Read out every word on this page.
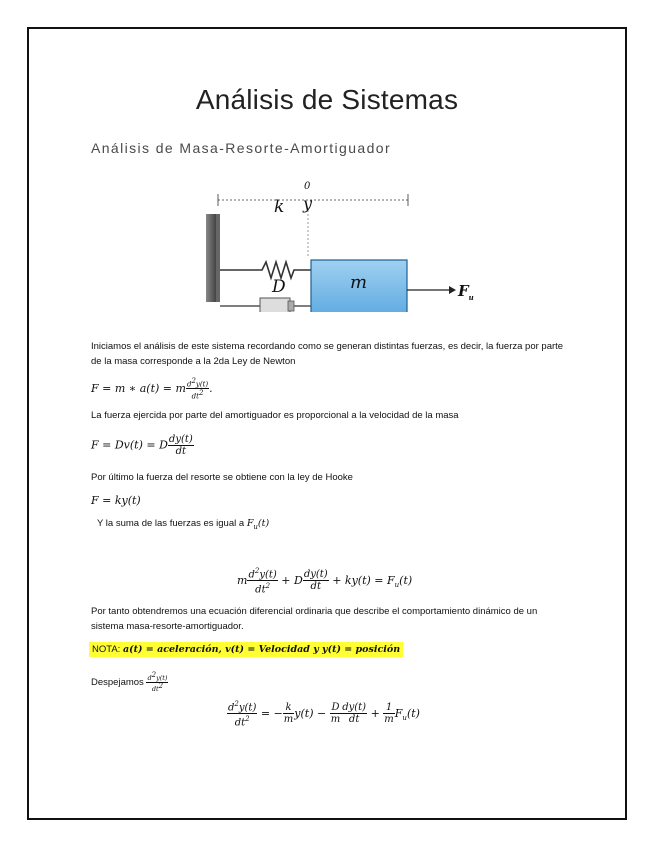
Análisis de Sistemas
Análisis de Masa-Resorte-Amortiguador
0
y
k
D	m	$F_u$
Iniciamos el análisis de este sistema recordando como se generan distintas fuerzas, es decir, la fuerza por parte de la masa corresponde a la 2da Ley de Newton
F = m ∗ a(t) = m $\frac{d^2y(t)}{dt^2}$ .
La fuerza ejercida por parte del amortiguador es proporcional a la velocidad de la masa
F = Dv(t) = D $\frac{dy(t)}{dt}$
Por último la fuerza del resorte se obtiene con la ley de Hooke
F = ky(t)
Y la suma de las fuerzas es igual a $F_u(t)$
m $\frac{d^2y(t)}{dt^2} + D \frac{dy(t)}{dt} + ky(t) = F_u(t)$
Por tanto obtendremos una ecuación diferencial ordinaria que describe el comportamiento dinámico de un sistema masa-resorte-amortiguador.
NOTA: a(t) = aceleración, v(t) = Velocidad y y(t) = posición
Despejamos $\frac{d^2y(t)}{dt^2}$
$\frac{d^2y(t)}{dt^2}$ = − $\frac{k}{m} y(t) - \frac{D}{m} \frac{dy(t)}{dt} + \frac{1}{m} F_u(t)$
